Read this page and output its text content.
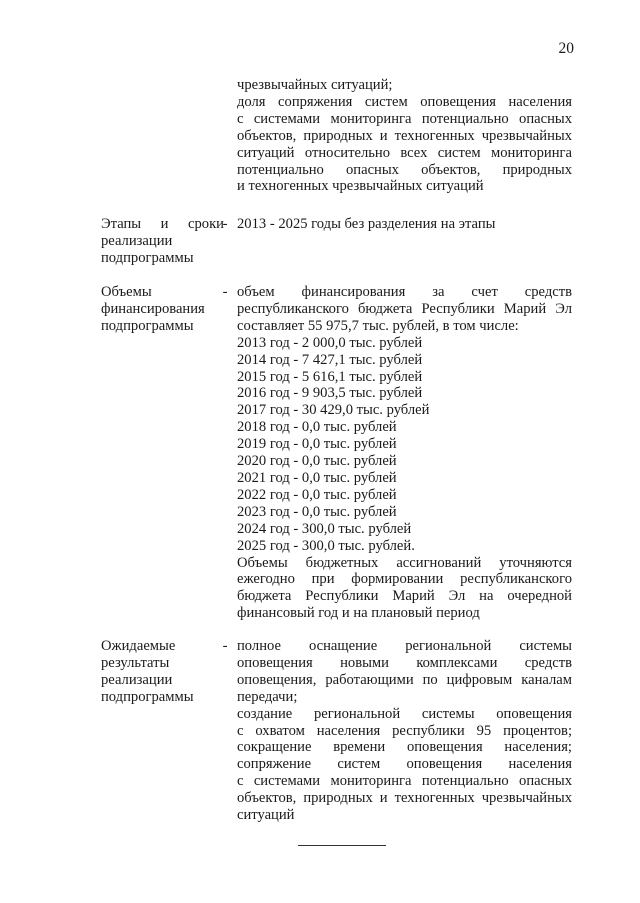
20
чрезвычайных ситуаций;
доля сопряжения систем оповещения населения
с системами мониторинга потенциально опасных
объектов, природных и техногенных чрезвычайных
ситуаций относительно всех систем мониторинга
потенциально опасных объектов, природных
и техногенных чрезвычайных ситуаций
Этапы и сроки
реализации
подпрограммы
- 2013 - 2025 годы без разделения на этапы
Объемы
финансирования
подпрограммы
- объем финансирования за счет средств
республиканского бюджета Республики Марий Эл
составляет 55 975,7 тыс. рублей, в том числе:
2013 год - 2 000,0 тыс. рублей
2014 год - 7 427,1 тыс. рублей
2015 год - 5 616,1 тыс. рублей
2016 год - 9 903,5 тыс. рублей
2017 год - 30 429,0 тыс. рублей
2018 год - 0,0 тыс. рублей
2019 год - 0,0 тыс. рублей
2020 год - 0,0 тыс. рублей
2021 год - 0,0 тыс. рублей
2022 год - 0,0 тыс. рублей
2023 год - 0,0 тыс. рублей
2024 год - 300,0 тыс. рублей
2025 год - 300,0 тыс. рублей.
Объемы бюджетных ассигнований уточняются
ежегодно при формировании республиканского
бюджета Республики Марий Эл на очередной
финансовый год и на плановый период
Ожидаемые
результаты
реализации
подпрограммы
- полное оснащение региональной системы
оповещения новыми комплексами средств
оповещения, работающими по цифровым каналам
передачи;
создание региональной системы оповещения
с охватом населения республики 95 процентов;
сокращение времени оповещения населения;
сопряжение систем оповещения населения
с системами мониторинга потенциально опасных
объектов, природных и техногенных чрезвычайных
ситуаций
